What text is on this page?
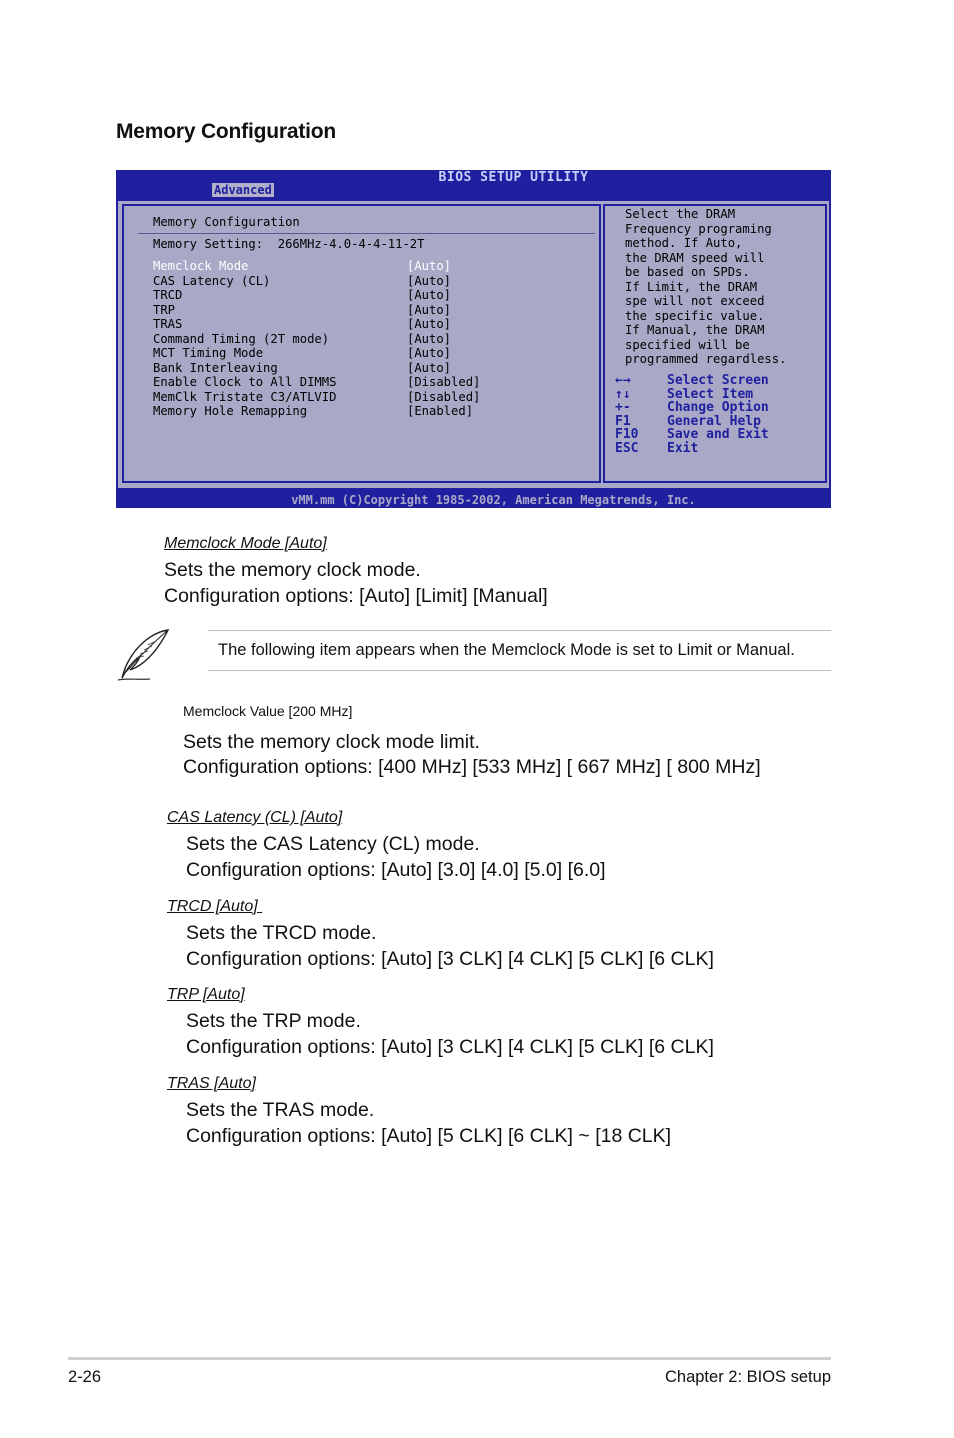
Memory Configuration
BIOS SETUP UTILITY
Advanced
Memory Configuration
Memory Setting:  266MHz-4.0-4-4-11-2T
Memclock Mode	[Auto]
CAS Latency (CL)	[Auto]
TRCD	[Auto]
TRP	[Auto]
TRAS	[Auto]
Command Timing (2T mode)	[Auto]
MCT Timing Mode	[Auto]
Bank Interleaving	[Auto]
Enable Clock to All DIMMS	[Disabled]
MemClk Tristate C3/ATLVID	[Disabled]
Memory Hole Remapping	[Enabled]
Select the DRAM
Frequency programing
method. If Auto,
the DRAM speed will
be based on SPDs.
If Limit, the DRAM
spe will not exceed
the specific value.
If Manual, the DRAM
specified will be
programmed regardless.
←→	Select Screen
↑↓	Select Item
+-	Change Option
F1	General Help
F10 Save and Exit
ESC Exit
vMM.mm (C)Copyright 1985-2002, American Megatrends, Inc.
Memclock Mode [Auto]
Sets the memory clock mode.
Configuration options: [Auto] [Limit] [Manual]
The following item appears when the Memclock Mode is set to Limit or Manual.
Memclock Value [200 MHz]
Sets the memory clock mode limit.
Configuration options: [400 MHz] [533 MHz] [ 667 MHz] [ 800 MHz]
CAS Latency (CL) [Auto]
Sets the CAS Latency (CL) mode.
Configuration options: [Auto] [3.0] [4.0] [5.0] [6.0]
TRCD [Auto]
Sets the TRCD mode.
Configuration options: [Auto] [3 CLK] [4 CLK] [5 CLK] [6 CLK]
TRP [Auto]
Sets the TRP mode.
Configuration options: [Auto] [3 CLK] [4 CLK] [5 CLK] [6 CLK]
TRAS [Auto]
Sets the TRAS mode.
Configuration options: [Auto] [5 CLK] [6 CLK] ~ [18 CLK]
2-26	Chapter 2: BIOS setup
